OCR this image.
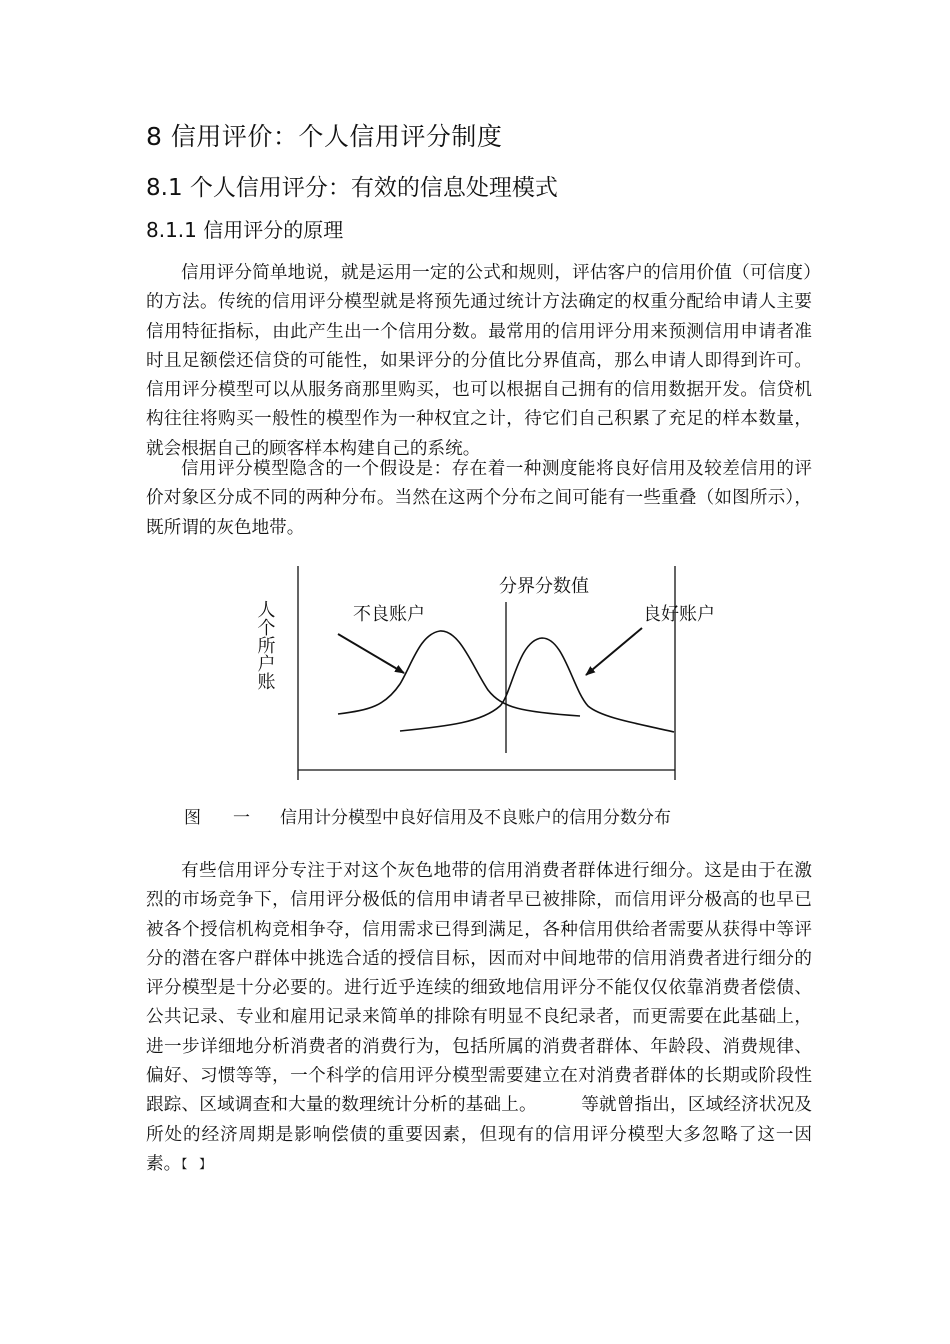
8 信用评价：个人信用评分制度
8.1 个人信用评分：有效的信息处理模式
8.1.1 信用评分的原理

信用评分简单地说，就是运用一定的公式和规则，评估客户的信用价值（可信度）的方法。传统的信用评分模型就是将预先通过统计方法确定的权重分配给申请人主要信用特征指标，由此产生出一个信用分数。最常用的信用评分用来预测信用申请者准时且足额偿还信贷的可能性，如果评分的分值比分界值高，那么申请人即得到许可。信用评分模型可以从服务商那里购买，也可以根据自己拥有的信用数据开发。信贷机构往往将购买一般性的模型作为一种权宜之计，待它们自己积累了充足的样本数量，就会根据自己的顾客样本构建自己的系统。

信用评分模型隐含的一个假设是：存在着一种测度能将良好信用及较差信用的评价对象区分成不同的两种分布。当然在这两个分布之间可能有一些重叠（如图所示），既所谓的灰色地带。

分界分数值
不良账户	良好账户
人个所户账
图 一 信用计分模型中良好信用及不良账户的信用分数分布

有些信用评分专注于对这个灰色地带的信用消费者群体进行细分。这是由于在激烈的市场竞争下，信用评分极低的信用申请者早已被排除，而信用评分极高的也早已被各个授信机构竞相争夺，信用需求已得到满足，各种信用供给者需要从获得中等评分的潜在客户群体中挑选合适的授信目标，因而对中间地带的信用消费者进行细分的评分模型是十分必要的。进行近乎连续的细致地信用评分不能仅仅依靠消费者偿债、公共记录、专业和雇用记录来简单的排除有明显不良纪录者，而更需要在此基础上，进一步详细地分析消费者的消费行为，包括所属的消费者群体、年龄段、消费规律、偏好、习惯等等，一个科学的信用评分模型需要建立在对消费者群体的长期或阶段性跟踪、区域调查和大量的数理统计分析的基础上。　　　等就曾指出，区域经济状况及所处的经济周期是影响偿债的重要因素，但现有的信用评分模型大多忽略了这一因素。【　】
